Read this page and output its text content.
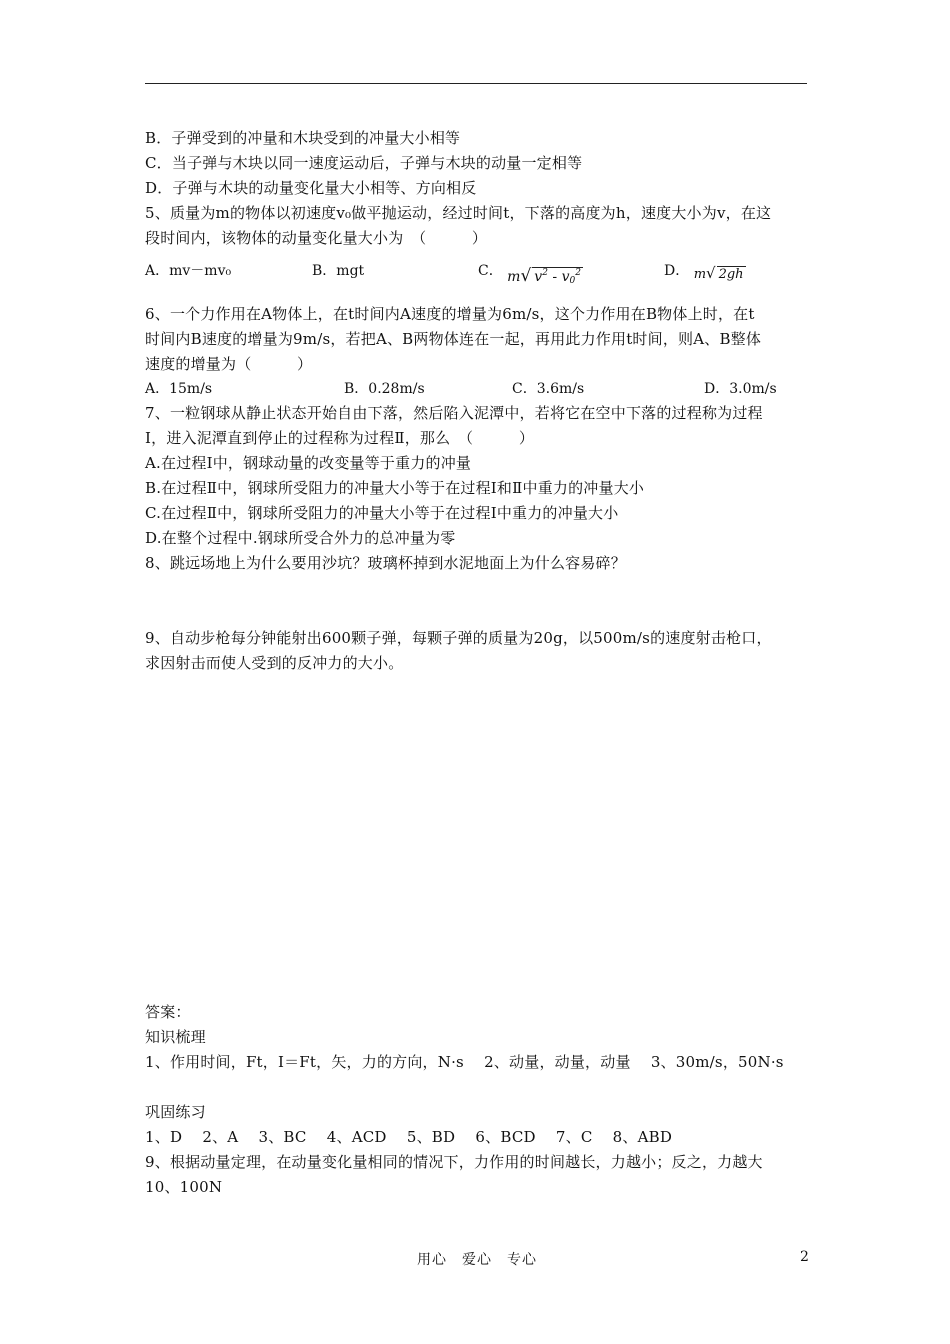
B．子弹受到的冲量和木块受到的冲量大小相等
C．当子弹与木块以同一速度运动后，子弹与木块的动量一定相等
D．子弹与木块的动量变化量大小相等、方向相反
5、质量为m的物体以初速度v₀做平抛运动，经过时间t，下落的高度为h，速度大小为v，在这
段时间内，该物体的动量变化量大小为　（　　　）
A．mv－mv₀	B．mgt	C． m√ $v^2 - v_0^2$	D． m√ 2gh
6、一个力作用在A物体上，在t时间内A速度的增量为6m/s，这个力作用在B物体上时，在t
时间内B速度的增量为9m/s，若把A、B两物体连在一起，再用此力作用t时间，则A、B整体
速度的增量为（　　　）
A．15m/s	B．0.28m/s	C．3.6m/s	D．3.0m/s
7、一粒钢球从静止状态开始自由下落，然后陷入泥潭中，若将它在空中下落的过程称为过程
Ⅰ，进入泥潭直到停止的过程称为过程Ⅱ，那么　（　　　）
A.在过程Ⅰ中，钢球动量的改变量等于重力的冲量
B.在过程Ⅱ中，钢球所受阻力的冲量大小等于在过程Ⅰ和Ⅱ中重力的冲量大小
C.在过程Ⅱ中，钢球所受阻力的冲量大小等于在过程Ⅰ中重力的冲量大小
D.在整个过程中.钢球所受合外力的总冲量为零
8、跳远场地上为什么要用沙坑？玻璃杯掉到水泥地面上为什么容易碎？
9、自动步枪每分钟能射出600颗子弹，每颗子弹的质量为20g，以500m/s的速度射击枪口，
求因射击而使人受到的反冲力的大小。
答案：
知识梳理
1、作用时间，Ft，I＝Ft，矢，力的方向，N·s　 2、动量，动量，动量　 3、30m/s，50N·s
巩固练习
1、D　 2、A　 3、BC　 4、ACD　 5、BD　 6、BCD　 7、C　 8、ABD
9、根据动量定理，在动量变化量相同的情况下，力作用的时间越长，力越小；反之，力越大
10、100N
用心　爱心　专心	2
